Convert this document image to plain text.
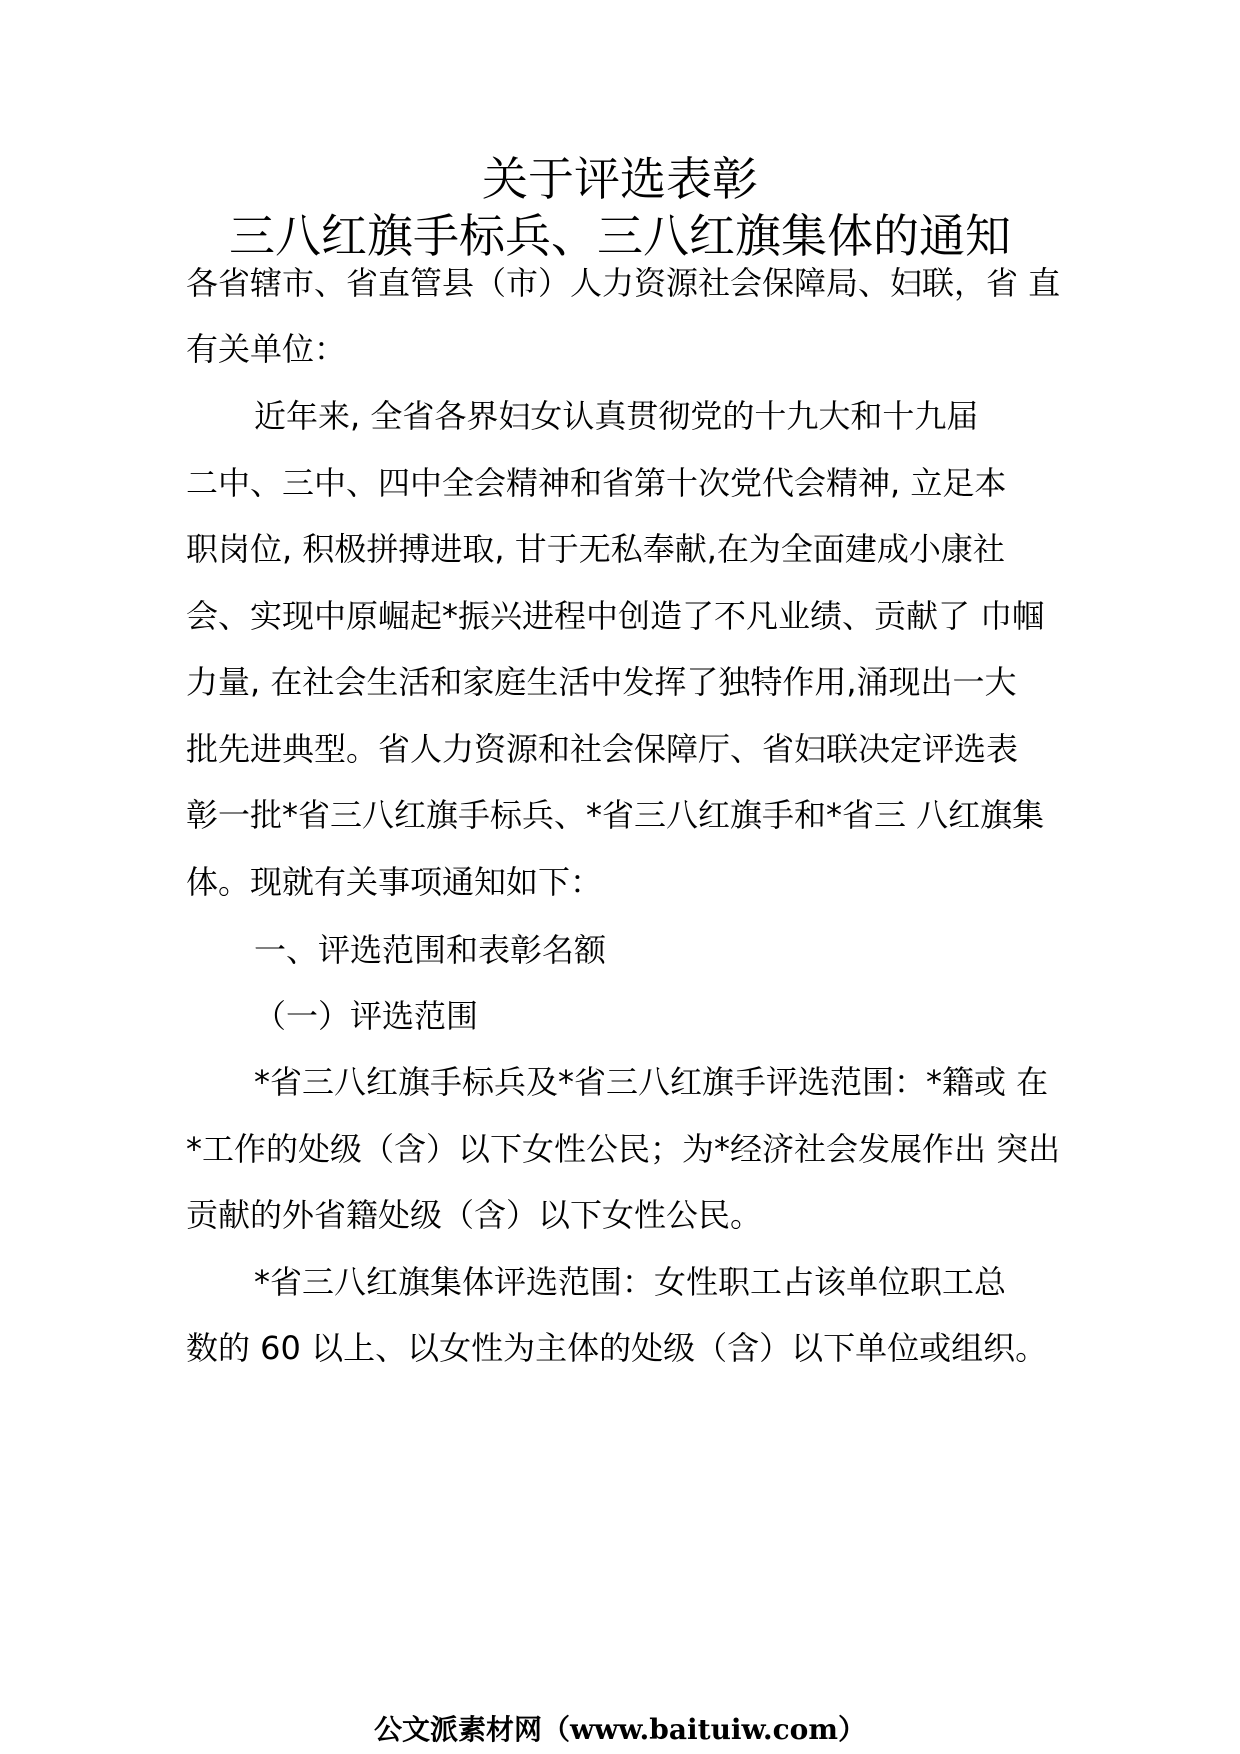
关于评选表彰
三八红旗手标兵、三八红旗集体的通知
各省辖市、省直管县（市）人力资源社会保障局、妇联，省 直
有关单位：
近年来, 全省各界妇女认真贯彻党的十九大和十九届
二中、三中、四中全会精神和省第十次党代会精神, 立足本
职岗位, 积极拼搏进取, 甘于无私奉献,在为全面建成小康社
会、实现中原崛起*振兴进程中创造了不凡业绩、贡献了 巾帼
力量, 在社会生活和家庭生活中发挥了独特作用,涌现出一大
批先进典型。省人力资源和社会保障厅、省妇联决定评选表
彰一批*省三八红旗手标兵、*省三八红旗手和*省三 八红旗集
体。现就有关事项通知如下：
一、评选范围和表彰名额
（一）评选范围
*省三八红旗手标兵及*省三八红旗手评选范围：*籍或 在
*工作的处级（含）以下女性公民；为*经济社会发展作出 突出
贡献的外省籍处级（含）以下女性公民。
*省三八红旗集体评选范围：女性职工占该单位职工总
数的 60 以上、以女性为主体的处级（含）以下单位或组织。
公文派素材网（www.baituiw.com）
